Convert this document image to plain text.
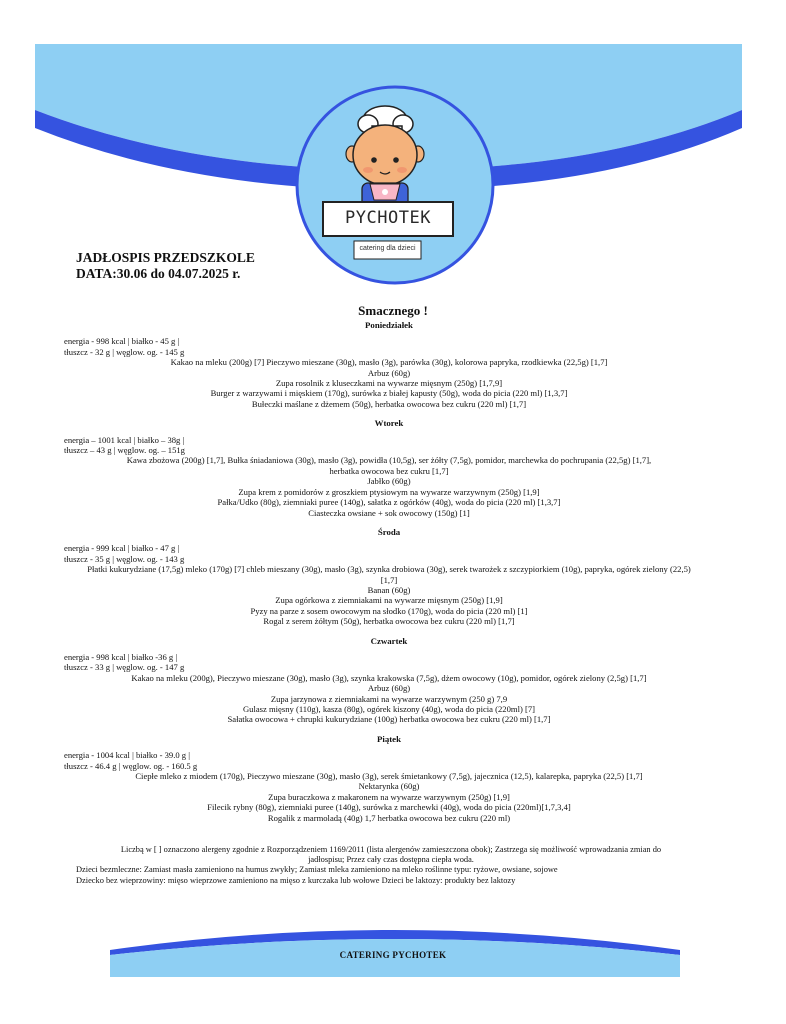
PYCHOTEK
catering dla dzieci
JADŁOSPIS PRZEDSZKOLE
DATA:30.06 do 04.07.2025 r.
Smacznego !
Poniedziałek
energia - 998 kcal | białko - 45 g |
tłuszcz - 32 g | węglow. og. - 145 g
Kakao na mleku (200g) [7] Pieczywo mieszane (30g), masło (3g), parówka (30g), kolorowa papryka, rzodkiewka (22,5g) [1,7]
Arbuz (60g)
Zupa rosolnik z kluseczkami na wywarze mięsnym (250g) [1,7,9]
Burger z warzywami i mięskiem (170g), surówka z białej kapusty (50g), woda do picia (220 ml) [1,3,7]
Bułeczki maślane z dżemem (50g), herbatka owocowa bez cukru (220 ml) [1,7]
Wtorek
energia – 1001 kcal | białko – 38g |
tłuszcz – 43 g | węglow. og. – 151g
Kawa zbożowa (200g) [1,7], Bułka śniadaniowa (30g), masło (3g), powidła (10,5g), ser żółty (7,5g), pomidor, marchewka do pochrupania (22,5g) [1,7],
herbatka owocowa bez cukru [1,7]
Jabłko (60g)
Zupa krem z pomidorów z groszkiem ptysiowym na wywarze warzywnym (250g) [1,9]
Pałka/Udko (80g), ziemniaki puree (140g), sałatka z ogórków (40g), woda do picia (220 ml) [1,3,7]
Ciasteczka owsiane + sok owocowy (150g) [1]
Środa
energia - 999 kcal | białko - 47 g |
tłuszcz - 35 g | węglow. og. - 143 g
Płatki kukurydziane (17,5g) mleko (170g) [7] chleb mieszany (30g), masło (3g), szynka drobiowa (30g), serek twarożek z szczypiorkiem (10g), papryka, ogórek zielony (22,5)
[1,7]
Banan (60g)
Zupa ogórkowa z ziemniakami na wywarze mięsnym (250g) [1,9]
Pyzy na parze z sosem owocowym na słodko (170g), woda do picia (220 ml) [1]
Rogal z serem żółtym (50g), herbatka owocowa bez cukru (220 ml) [1,7]
Czwartek
energia - 998 kcal | białko -36 g |
tłuszcz - 33 g | węglow. og. - 147 g
Kakao na mleku (200g), Pieczywo mieszane (30g), masło (3g), szynka krakowska (7,5g), dżem owocowy (10g), pomidor, ogórek zielony (2,5g) [1,7]
Arbuz (60g)
Zupa jarzynowa z ziemniakami na wywarze warzywnym (250 g) 7,9
Gulasz mięsny (110g), kasza (80g), ogórek kiszony (40g), woda do picia (220ml) [7]
Sałatka owocowa + chrupki kukurydziane (100g) herbatka owocowa bez cukru (220 ml) [1,7]
Piątek
energia - 1004 kcal | białko - 39.0 g |
tłuszcz - 46.4 g | węglow. og. - 160.5 g
Ciepłe mleko z miodem (170g), Pieczywo mieszane (30g), masło (3g), serek śmietankowy (7,5g), jajecznica (12,5), kalarepka, papryka (22,5) [1,7]
Nektarynka (60g)
Zupa buraczkowa z makaronem na wywarze warzywnym (250g) [1,9]
Filecik rybny (80g), ziemniaki puree (140g), surówka z marchewki (40g), woda do picia (220ml)[1,7,3,4]
Rogalik z marmoladą (40g) 1,7 herbatka owocowa bez cukru (220 ml)
Liczbą w [ ] oznaczono alergeny zgodnie z Rozporządzeniem 1169/2011 (lista alergenów zamieszczona obok); Zastrzega się możliwość wprowadzania zmian do
jadłospisu; Przez cały czas dostępna ciepła woda.
Dzieci bezmleczne: Zamiast masła zamieniono na humus zwykły; Zamiast mleka zamieniono na mleko roślinne typu: ryżowe, owsiane, sojowe
Dziecko bez wieprzowiny: mięso wieprzowe zamieniono na mięso z kurczaka lub wołowe Dzieci be laktozy: produkty bez laktozy
CATERING PYCHOTEK
